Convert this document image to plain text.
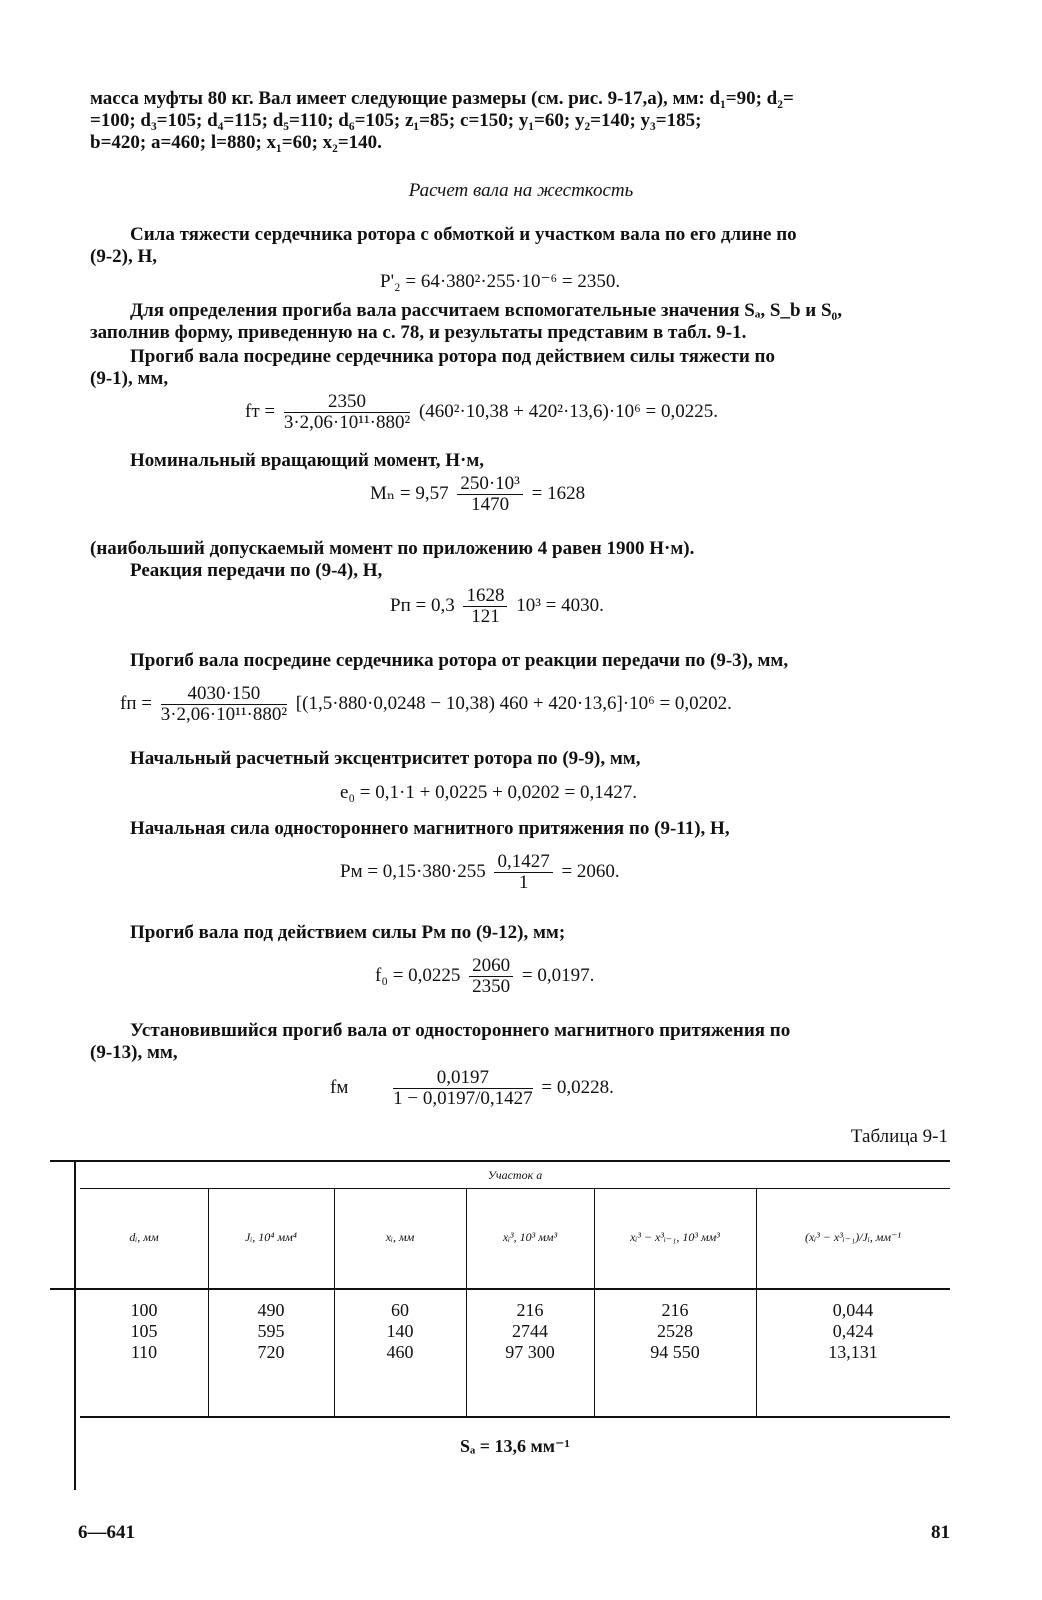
масса муфты 80 кг. Вал имеет следующие размеры (см. рис. 9-17,а), мм: d₁=90; d₂=
=100; d₃=105; d₄=115; d₅=110; d₆=105; z₁=85; c=150; y₁=60; y₂=140; y₃=185;
b=420; a=460; l=880; x₁=60; x₂=140.
Расчет вала на жесткость
Сила тяжести сердечника ротора с обмоткой и участком вала по его длине по
(9-2), Н,
P'₂ = 64·380²·255·10⁻⁶ = 2350.
Для определения прогиба вала рассчитаем вспомогательные значения Sₐ, S_b и S₀,
заполнив форму, приведенную на с. 78, и результаты представим в табл. 9-1.
Прогиб вала посредине сердечника ротора под действием силы тяжести по
(9-1), мм,
fт = $\frac{2350}{\text{3·2,06·10¹¹·880²}} (460^2\cdot 10,38 + 420^2\cdot 13,6)\cdot 10^6 = 0,0225$.
Номинальный вращающий момент, Н·м,
$M_n = 9,57 \frac{\text{250·10³}}{1470} = 1628$
(наибольший допускаемый момент по приложению 4 равен 1900 Н·м).
Реакция передачи по (9-4), Н,
Pп = $0,3 \frac{1628}{121} 10^3 = 4030$.
Прогиб вала посредине сердечника ротора от реакции передачи по (9-3), мм,
fп = $\frac{4030\cdot 150}{\text{3·2,06·10¹¹·880²}} [(1,5\cdot 880\cdot 0,0248 - 10,38) 460 + 420\cdot 13,6]\cdot 10^6 = 0,0202$.
Начальный расчетный эксцентриситет ротора по (9-9), мм,
e₀ = 0,1·1 + 0,0225 + 0,0202 = 0,1427.
Начальная сила одностороннего магнитного притяжения по (9-11), Н,
Pм = $0,15\cdot 380\cdot 255 \frac{0,1427}{1} = 2060$.
Прогиб вала под действием силы Pм по (9-12), мм;
$f_0 = 0,0225 \frac{2060}{2350} = 0,0197$.
Установившийся прогиб вала от одностороннего магнитного притяжения по
(9-13), мм,
fм $\frac{0,0197}{1 - 0,0197/0,1427} = 0,0228$.
Таблица 9-1
Участок a
dᵢ, мм	Jᵢ, 10⁴ мм⁴	xᵢ, мм	xᵢ³, 10³ мм³	xᵢ³ − x³ᵢ₋₁, 10³ мм³	(xᵢ³ − x³ᵢ₋₁)/Jᵢ, мм⁻¹
100	490	60	216	216	0,044
105	595	140	2744	2528	0,424
110	720	460	97 300	94 550	13,131
Sₐ = 13,6 мм⁻¹
6—641	81
